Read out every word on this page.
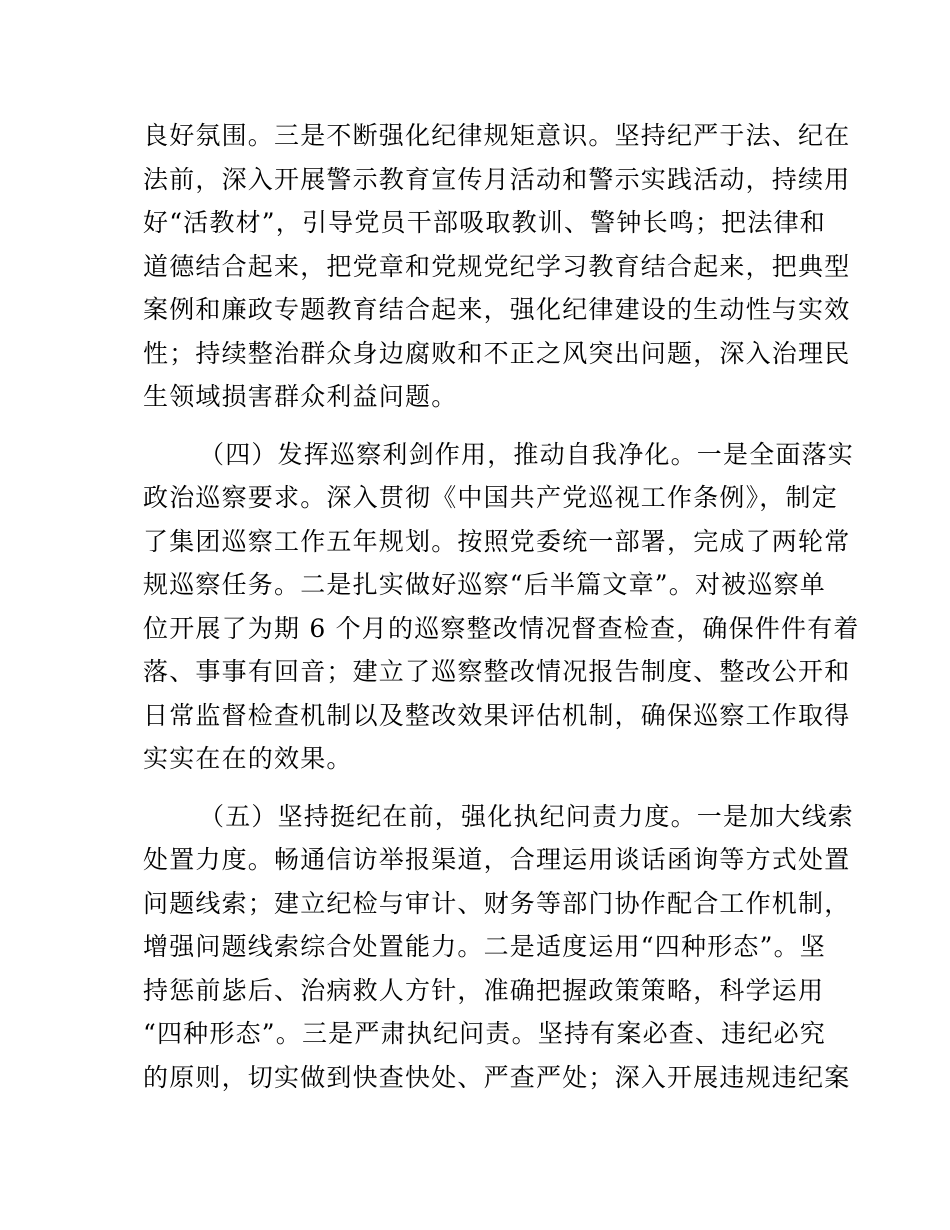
良好氛围。三是不断强化纪律规矩意识。坚持纪严于法、纪在
法前，深入开展警示教育宣传月活动和警示实践活动，持续用
好“活教材”，引导党员干部吸取教训、警钟长鸣；把法律和
道德结合起来，把党章和党规党纪学习教育结合起来，把典型
案例和廉政专题教育结合起来，强化纪律建设的生动性与实效
性；持续整治群众身边腐败和不正之风突出问题，深入治理民
生领域损害群众利益问题。
（四）发挥巡察利剑作用，推动自我净化。一是全面落实
政治巡察要求。深入贯彻《中国共产党巡视工作条例》，制定
了集团巡察工作五年规划。按照党委统一部署，完成了两轮常
规巡察任务。二是扎实做好巡察“后半篇文章”。对被巡察单
位开展了为期 6 个月的巡察整改情况督查检查，确保件件有着
落、事事有回音；建立了巡察整改情况报告制度、整改公开和
日常监督检查机制以及整改效果评估机制，确保巡察工作取得
实实在在的效果。
（五）坚持挺纪在前，强化执纪问责力度。一是加大线索
处置力度。畅通信访举报渠道，合理运用谈话函询等方式处置
问题线索；建立纪检与审计、财务等部门协作配合工作机制，
增强问题线索综合处置能力。二是适度运用“四种形态”。坚
持惩前毖后、治病救人方针，准确把握政策策略，科学运用
“四种形态”。三是严肃执纪问责。坚持有案必查、违纪必究
的原则，切实做到快查快处、严查严处；深入开展违规违纪案
